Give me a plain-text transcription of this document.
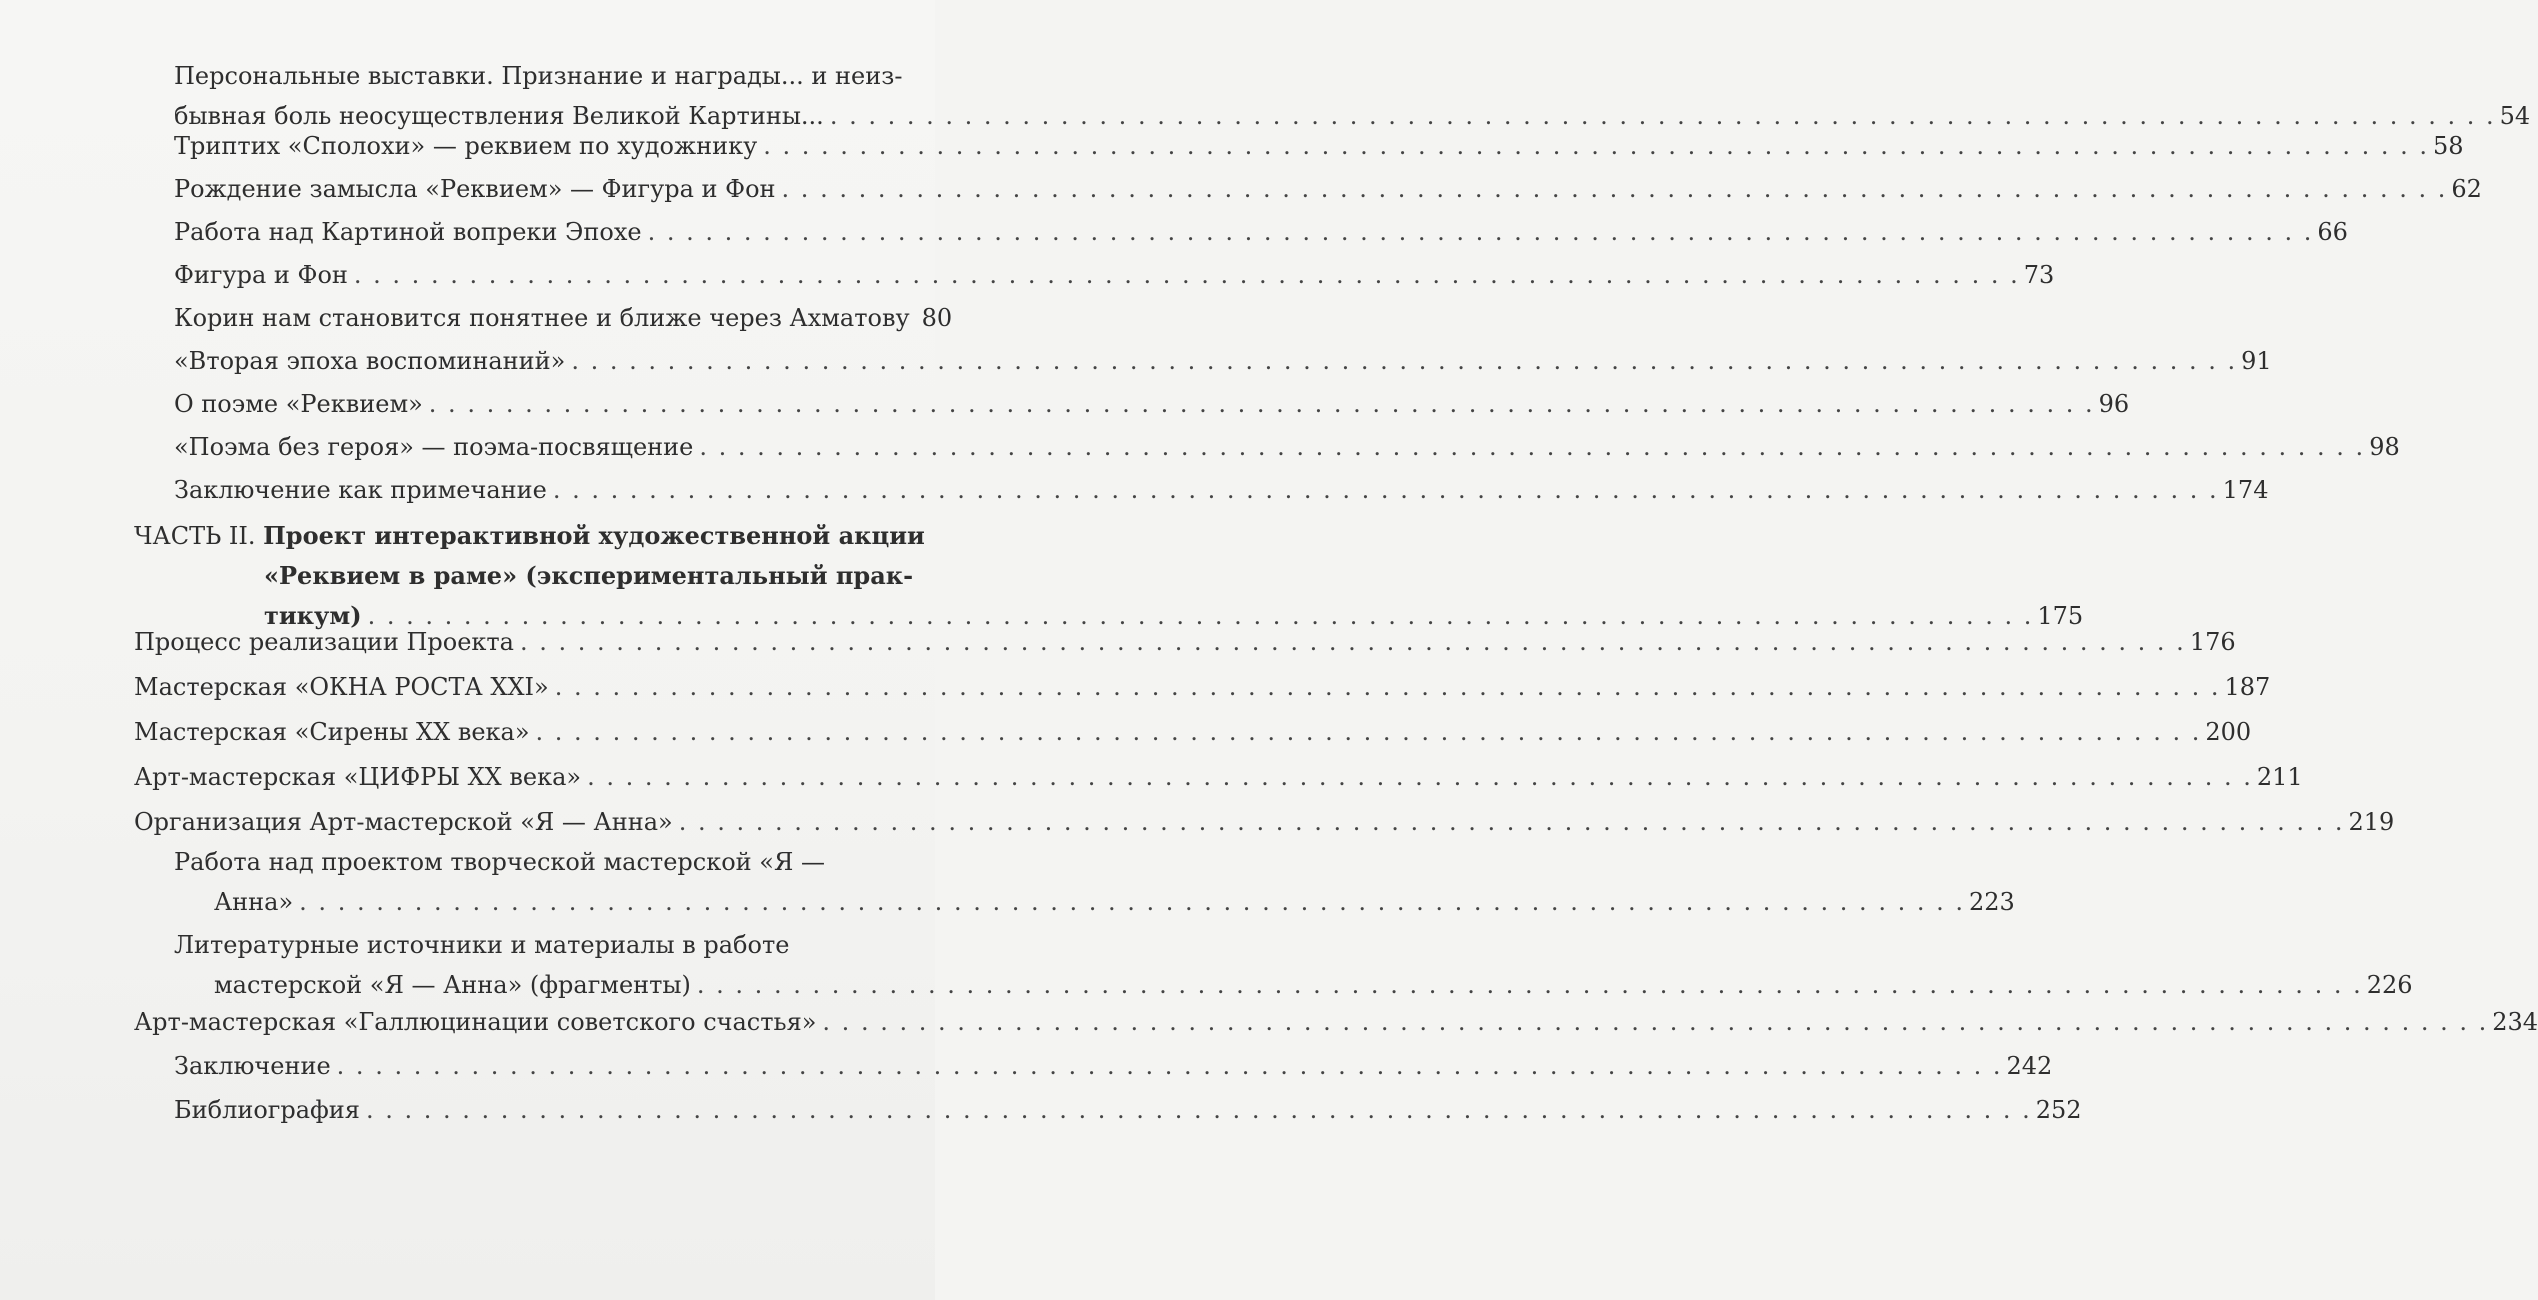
Персональные выставки. Признание и награды... и неиз-
бывная боль неосуществления Великой Картины... . . .	54
Триптих «Сполохи» — реквием по художнику . . .	58
Рождение замысла «Реквием» — Фигура и Фон . . .	62
Работа над Картиной вопреки Эпохе . . .	66
Фигура и Фон . . .	73
Корин нам становится понятнее и ближе через Ахматову 80
«Вторая эпоха воспоминаний» . . .	91
О поэме «Реквием» . . .	96
«Поэма без героя» — поэма-посвящение . . .	98
Заключение как примечание . . .	174
ЧАСТЬ II. Проект интерактивной художественной акции
«Реквием в раме» (экспериментальный прак-
тикум) . . .	175
Процесс реализации Проекта . . .	176
Мастерская «ОКНА РОСТА XXI» . . .	187
Мастерская «Сирены XX века» . . .	200
Арт-мастерская «ЦИФРЫ XX века» . . .	211
Организация Арт-мастерской «Я — Анна» . . .	219
Работа над проектом творческой мастерской «Я —
Анна» . . .	223
Литературные источники и материалы в работе
мастерской «Я — Анна» (фрагменты) . . .	226
Арт-мастерская «Галлюцинации советского счастья» . . .	234
Заключение . . .	242
Библиография . . .	252
